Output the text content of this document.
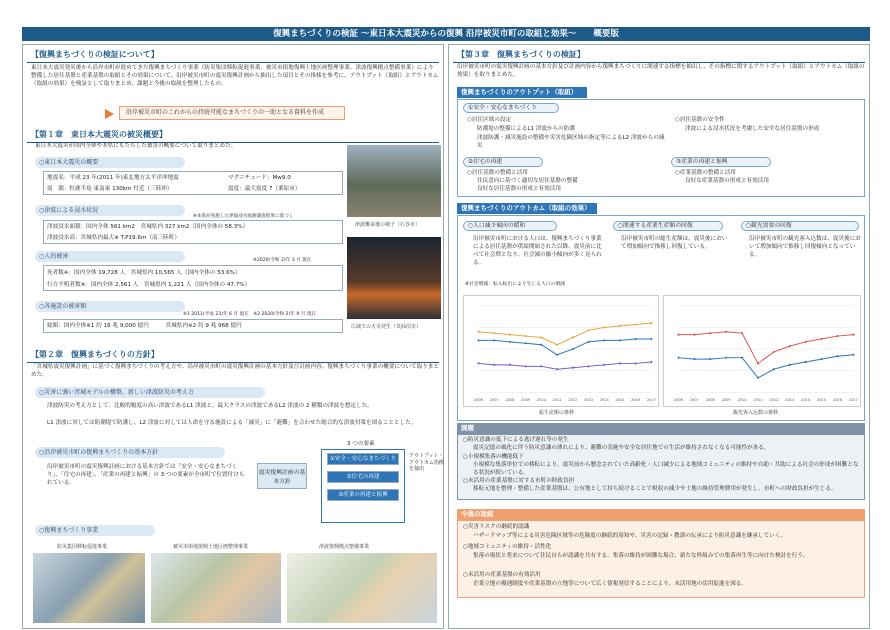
復興まちづくりの検証 ～東日本大震災からの復興 沿岸被災市町の取組と効果～　　概要版
【復興まちづくりの検証について】
東日本大震災発災後から沿岸市町が進めてきた復興まちづくり事業（防災集団移転促進事業、被災市街地復興土地区画整理事業、津波復興拠点整備事業）により整備した居住基盤と産業基盤の取組とその効果について、沿岸被災市町の震災復興計画から抽出した項目とその推移を参考に、アウトプット（取組）とアウトカム（取組の効果）を検証として取りまとめ、課題と今後の取組を整理したもの。
沿岸被災市町のこれからの持続可能なまちづくりの一助となる資料を作成
【第１章　東日本大震災の被災概要】
東日本大震災が国内全体や本県にもたらした被害の概要について取りまとめた。
○東日本大震災の概要
地震名：平成 23 年(2011 年)東北地方太平洋沖地震	マグニチュード：Mw9.0
震　源：牡鹿半島 東南東 130km 付近（三陸沖）	震度：最大震度 7（栗原市）
○津波による浸水状況
※本県が実施した津波浸水痕跡調査結果に基づく
津波浸水面積：国内全体 561 km2　宮城県内 327 km2（国内全体の 58.3%）
津波浸水高：宮城県内最大※ T.P19.6m（南三陸町）
○人的被害
※2020(令和 2)年 3 月 現在
死者数※：国内全体 19,728 人　宮城県内 10,565 人（国内全体の 53.6%）
行方不明者数※：国内全体 2,561 人　宮城県内 1,221 人（国内全体の 47.7%）
○各施設の被害額
※1 2011(平成 23)年 6 月 現在　※2 2020(令和 2)年 9 月 現在
総額：国内全体※1 約 16 兆 9,000 億円　　　宮城県内※2 約 9 兆 968 億円
津波襲来後の様子（石巻市）
広域での火災発生（気仙沼市）
【第２章　復興まちづくりの方針】
「宮城県震災復興計画」に基づく復興まちづくりの考え方や、沿岸被災市町の震災復興計画の基本方針及び計画内容、復興まちづくり事業の概要について取りまとめた。
○災害に強い宮城モデルの構築、新しい津波防災の考え方
津波防災の考え方として、比較的頻度の高い津波であるL1 津波と、最大クラスの津波であるL2 津波の 2 種類の津波を想定した。
L1 津波に対しては防潮堤で防護し、L2 津波に対しては人命を守る施設による「減災」に「避難」を合わせた総合的な津波対策を図ることとした。
○沿岸被災市町の復興まちづくりの基本方針
沿岸被災市町の震災復興計画における基本方針では「安全・安心なまちづくり」、「住宅の再建」、「産業の再建と振興」の 3 つの要素が全市町で位置付けられている。
3 つの要素
震災復興計画の基本方針
①安全・安心なまちづくり
②住宅の再建
③産業の再建と振興
アウトプット・アウトカム指標を抽出
○復興まちづくり事業
防災集団移転促進事業	被災市街地復興土地区画整理事業	津波復興拠点整備事業
【第３章　復興まちづくりの検証】
沿岸被災市町の震災復興計画の基本方針及び計画内容から復興まちづくりに関連する指標を抽出し、その指標に関するアウトプット（取組）とアウトカム（取組の効果）を取りまとめた。
復興まちづくりのアウトプット（取組）
①安全・安心なまちづくり
○居住区域の設定
防潮堤の整備によるL1 津波からの防護
津波防護・減災施設の整備や災害危険区域の指定等によるL2 津波からの減災
○居住基盤の安全性
津波による浸水状況を考慮した安全な居住基盤の形成
②住宅の再建
○居住基盤の整備と活用
住民意向に基づく適切な居住基盤の整備
良好な居住基盤の形成と有効活用
③産業の再建と振興
○産業基盤の整備と活用
良好な産業基盤の形成と有効活用
復興まちづくりのアウトカム（取組の効果）
○人口減少傾向の緩和
沿岸被災市町における人口は、復興まちづくり事業による居住基盤が供給開始された以降、震災前に比べて社会増となり、社会減の縮小傾向が多く見られる。
※社会増減：転入転出により生じる人口の増減
○関連する産業生産額の回復
沿岸被災市町の総生産額は、震災後において増加傾向で推移し回復している。
○観光需要の回復
沿岸被災市町の観光客入込数は、震災後において増加傾向で推移し回復傾向となっている。
2006 2007 2008 2009 2010 2011 2012 2013 2014 2015 2016 2017
総生産額の推移
2006 2007 2008 2009 2010 2011 2012 2013 2014 2015 2016 2017
観光客入込数の推移
課題
○防災意識の低下による逃げ遅れ等の発生
震災記憶の風化に伴う防災意識の薄れにより、避難の実施や安全な居住地での生活が維持されなくなる可能性がある。
○小規模集落の機能低下
小規模な集落単位での移転により、震災前から懸念されていた高齢化・人口減少による地域コミュニティの維持や自助・共助による社会の形成が困難となる状況が続いている。
○未活用の産業基盤に対する市町の財政負担
移転元地を整理・整備した産業基盤は、公有地として持ち続けることで税収の減少や土地の維持管理費用が発生し、市町への財政負担が生じる。
今後の取組
○災害リスクの継続的認識
ハザードマップ等による災害危険区域等の危険度の継続的周知や、災害の記録・教訓の伝承により防災意識を継承していく。
○地域コミュニティの維持・活性化
集落の現状と将来について住民自らが認識を共有する。集落の維持が困難な場合、新たな枠組みでの集落再生等に向けた検討を行う。
○未活用の産業基盤の有効活用
企業立地の優遇制度や産業基盤の立地等について広く情報発信することにより、未活用地の活用促進を図る。
